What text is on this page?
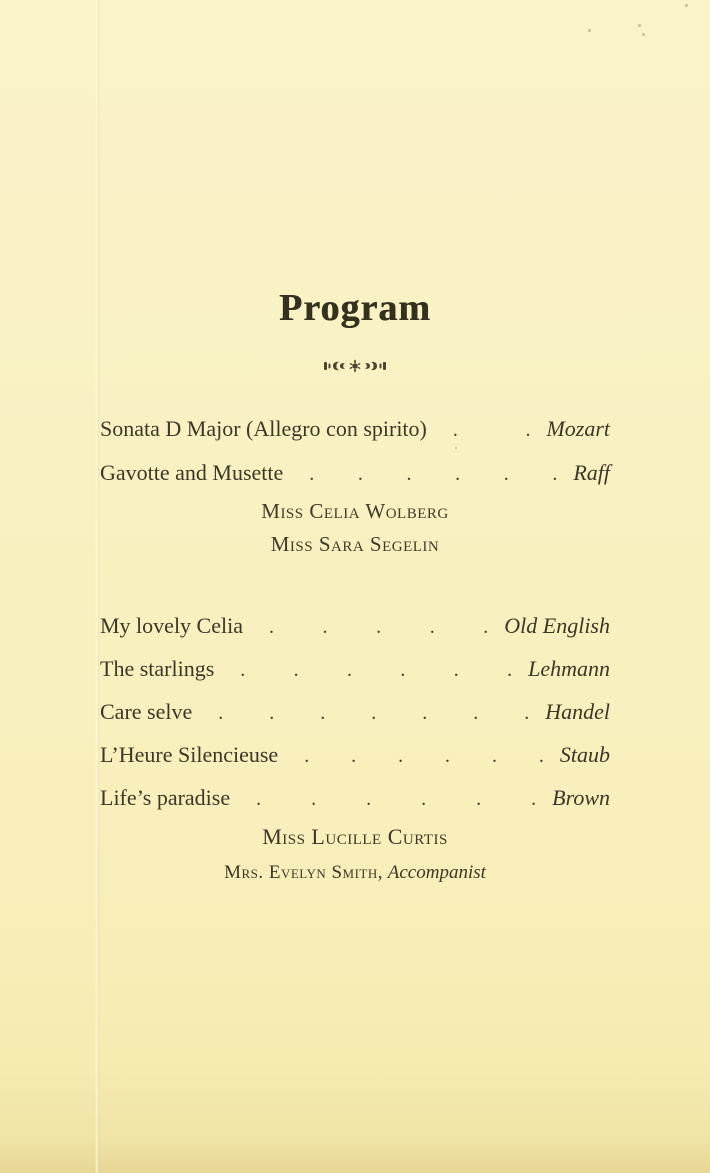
Program
Sonata D Major (Allegro con spirito)	. . Mozart
Gavotte and Musette	. . . . . . Raff
Miss Celia Wolberg
Miss Sara Segelin
My lovely Celia	. . . . . Old English
The starlings	. . . . . . Lehmann
Care selve	. . . . . . . Handel
L’Heure Silencieuse	. . . . . . Staub
Life’s paradise	. . . . . . Brown
Miss Lucille Curtis
Mrs. Evelyn Smith, Accompanist
